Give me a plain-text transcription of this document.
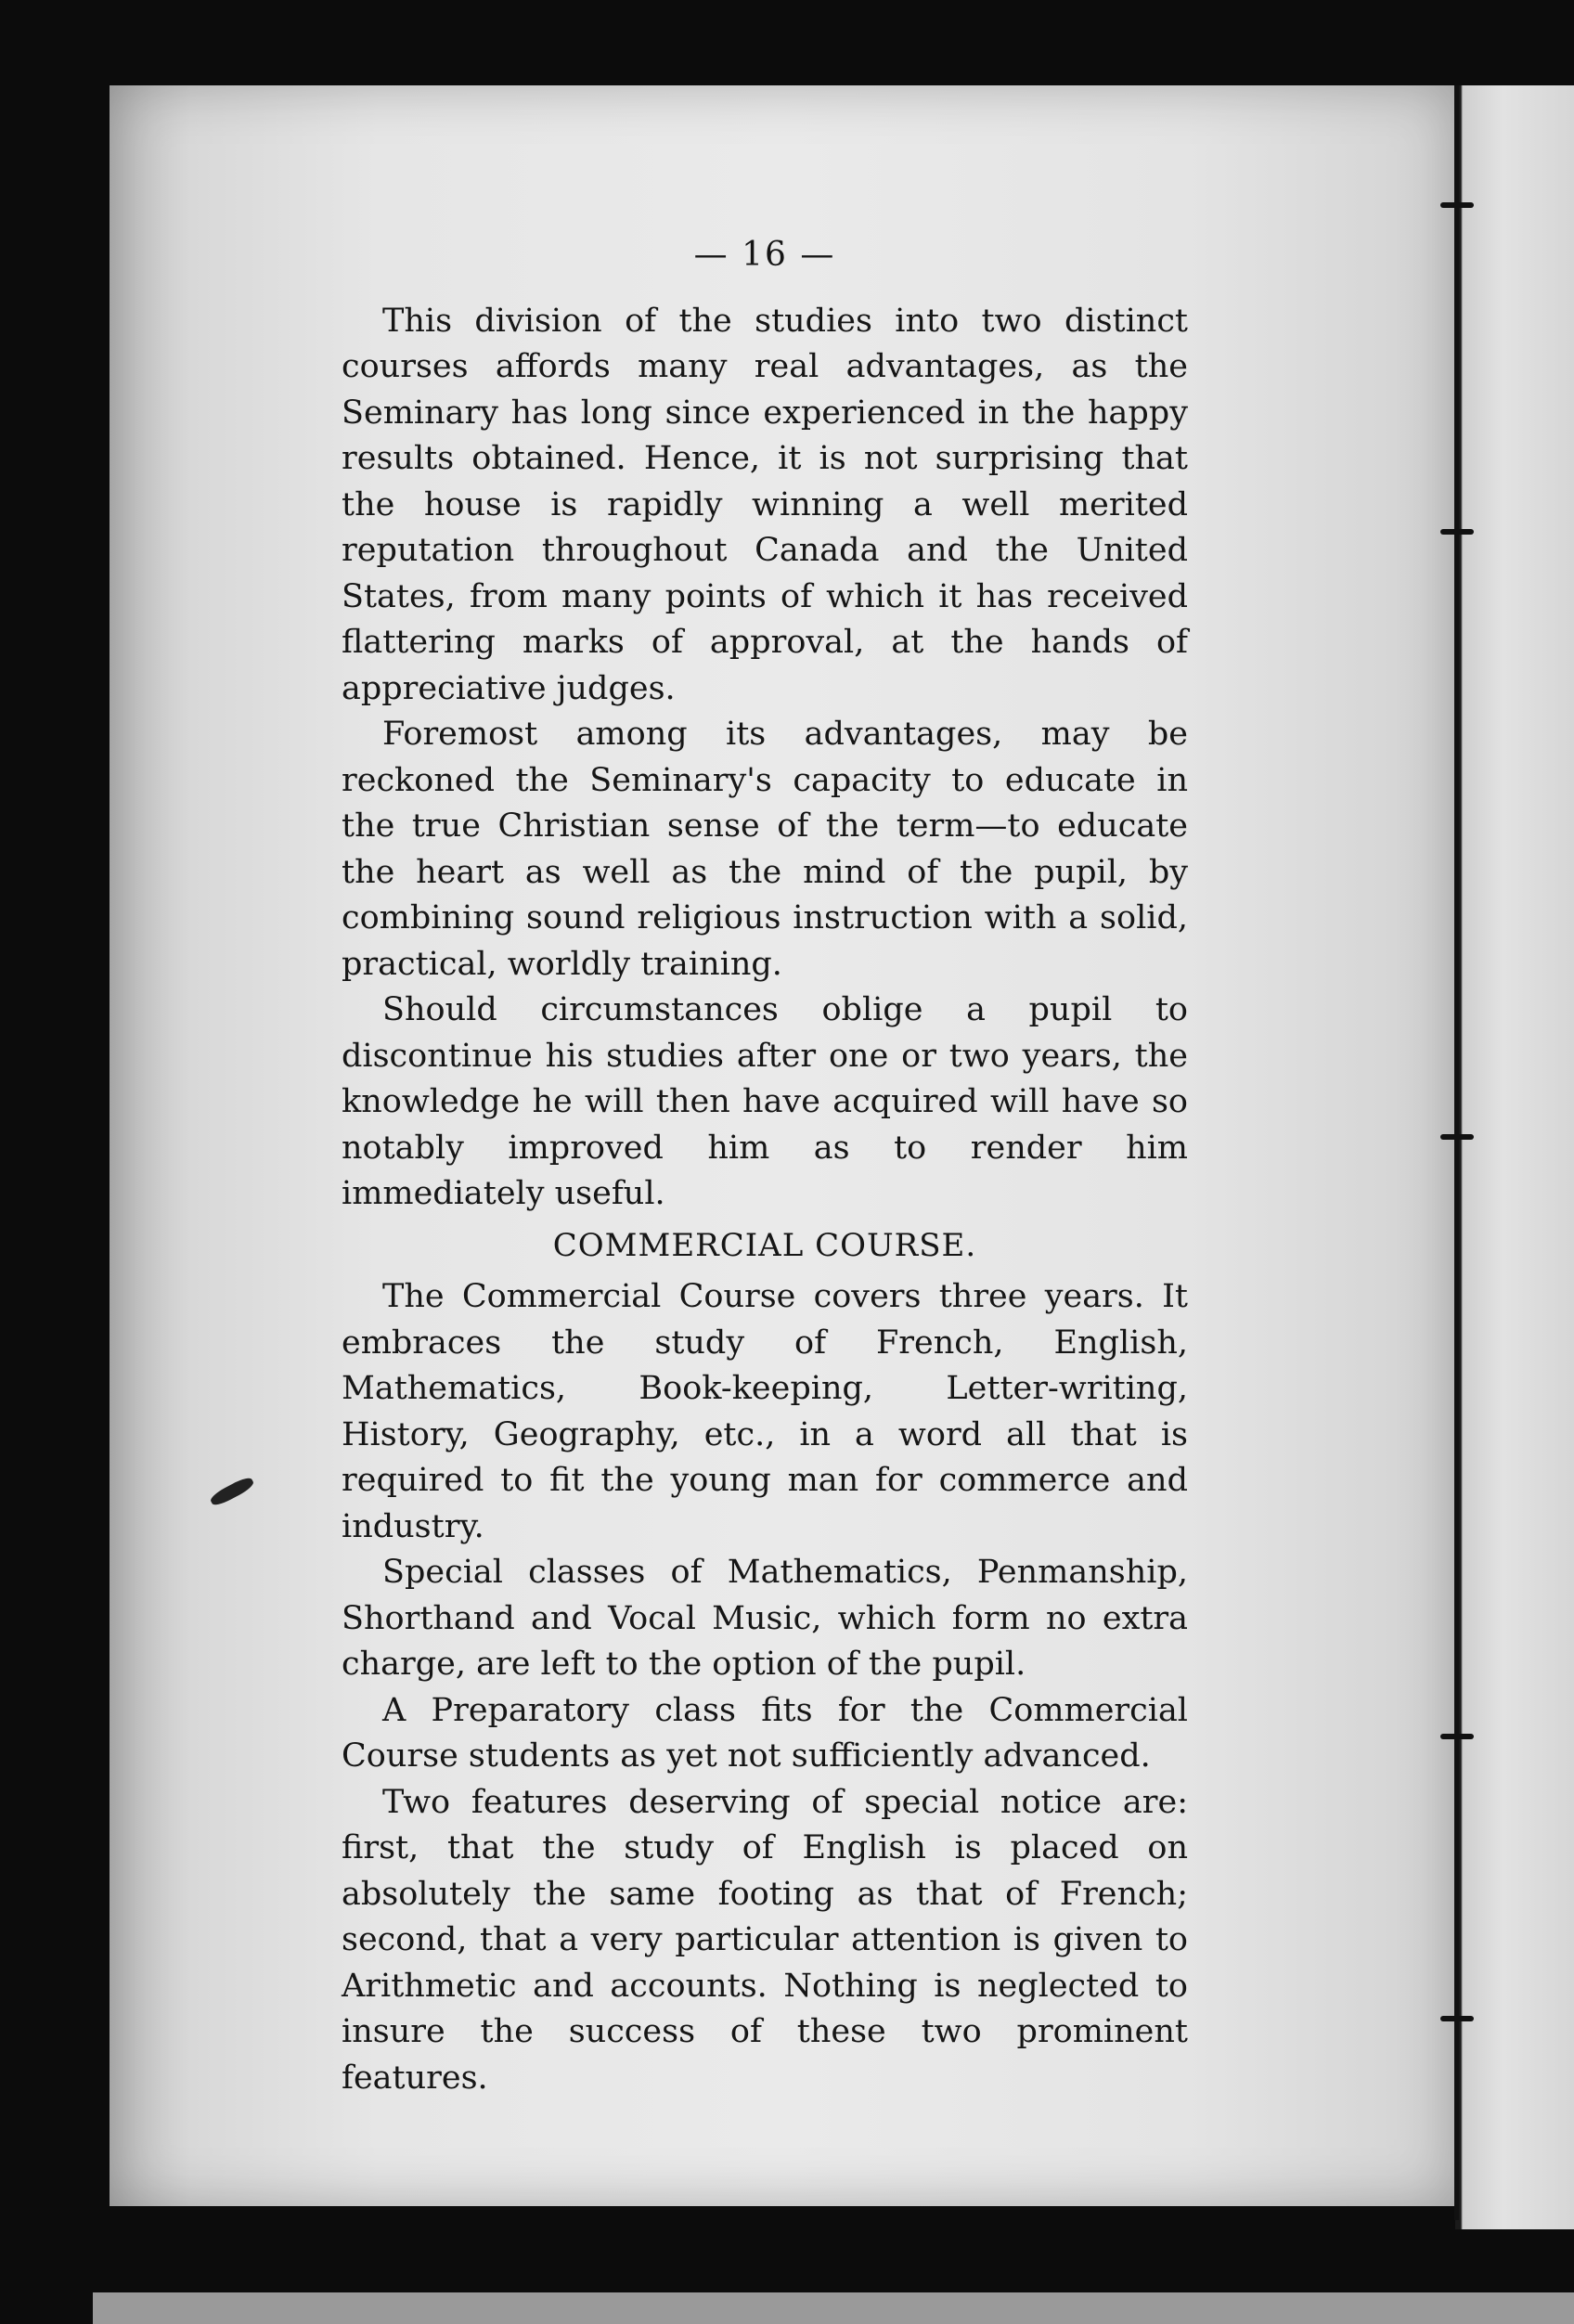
— 16 —

This division of the studies into two distinct courses affords many real advantages, as the Seminary has long since experienced in the happy results obtained. Hence, it is not surprising that the house is rapidly winning a well merited reputation throughout Canada and the United States, from many points of which it has received flattering marks of approval, at the hands of appreciative judges.

Foremost among its advantages, may be reckoned the Seminary's capacity to educate in the true Christian sense of the term—to educate the heart as well as the mind of the pupil, by combining sound religious instruction with a solid, practical, worldly training.

Should circumstances oblige a pupil to discontinue his studies after one or two years, the knowledge he will then have acquired will have so notably improved him as to render him immediately useful.

COMMERCIAL COURSE.

The Commercial Course covers three years. It embraces the study of French, English, Mathematics, Book-keeping, Letter-writing, History, Geography, etc., in a word all that is required to fit the young man for commerce and industry.

Special classes of Mathematics, Penmanship, Shorthand and Vocal Music, which form no extra charge, are left to the option of the pupil.

A Preparatory class fits for the Commercial Course students as yet not sufficiently advanced.

Two features deserving of special notice are: first, that the study of English is placed on absolutely the same footing as that of French; second, that a very particular attention is given to Arithmetic and accounts. Nothing is neglected to insure the success of these two prominent features.
